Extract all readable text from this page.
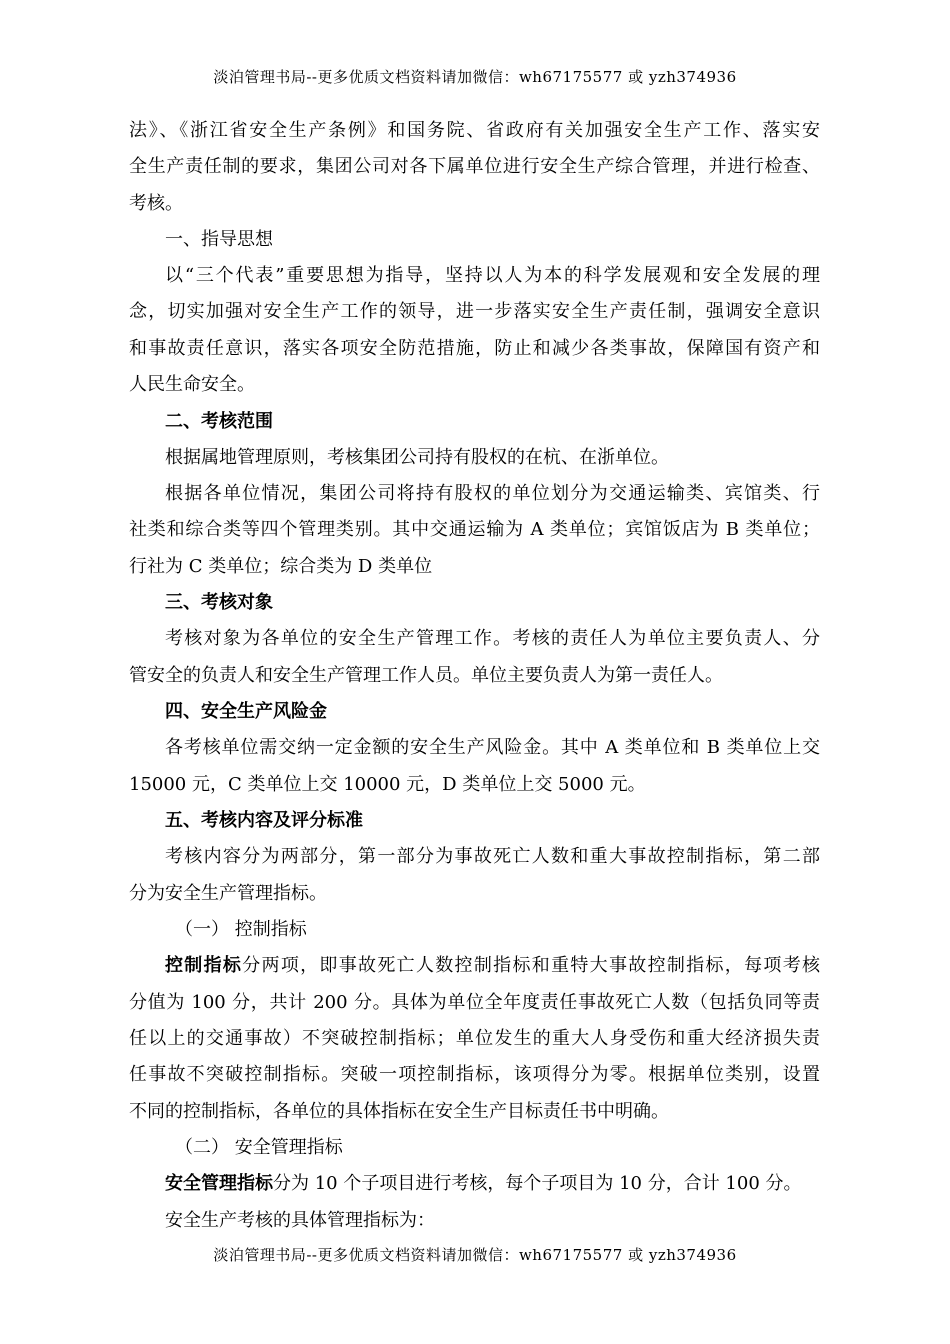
淡泊管理书局--更多优质文档资料请加微信：wh67175577 或 yzh374936
法》、《浙江省安全生产条例》和国务院、省政府有关加强安全生产工作、落实安
全生产责任制的要求，集团公司对各下属单位进行安全生产综合管理，并进行检查、
考核。
一、指导思想
以“三个代表”重要思想为指导，坚持以人为本的科学发展观和安全发展的理
念，切实加强对安全生产工作的领导，进一步落实安全生产责任制，强调安全意识
和事故责任意识，落实各项安全防范措施，防止和减少各类事故，保障国有资产和
人民生命安全。
二、考核范围
根据属地管理原则，考核集团公司持有股权的在杭、在浙单位。
根据各单位情况，集团公司将持有股权的单位划分为交通运输类、宾馆类、行
社类和综合类等四个管理类别。其中交通运输为 A 类单位；宾馆饭店为 B 类单位；
行社为 C 类单位；综合类为 D 类单位
三、考核对象
考核对象为各单位的安全生产管理工作。考核的责任人为单位主要负责人、分
管安全的负责人和安全生产管理工作人员。单位主要负责人为第一责任人。
四、安全生产风险金
各考核单位需交纳一定金额的安全生产风险金。其中 A 类单位和 B 类单位上交
15000 元，C 类单位上交 10000 元，D 类单位上交 5000 元。
五、考核内容及评分标准
考核内容分为两部分，第一部分为事故死亡人数和重大事故控制指标，第二部
分为安全生产管理指标。
（一） 控制指标
控制指标分两项，即事故死亡人数控制指标和重特大事故控制指标，每项考核
分值为 100 分，共计 200 分。具体为单位全年度责任事故死亡人数（包括负同等责
任以上的交通事故）不突破控制指标；单位发生的重大人身受伤和重大经济损失责
任事故不突破控制指标。突破一项控制指标，该项得分为零。根据单位类别，设置
不同的控制指标，各单位的具体指标在安全生产目标责任书中明确。
（二） 安全管理指标
安全管理指标分为 10 个子项目进行考核，每个子项目为 10 分，合计 100 分。
安全生产考核的具体管理指标为：
淡泊管理书局--更多优质文档资料请加微信：wh67175577 或 yzh374936
